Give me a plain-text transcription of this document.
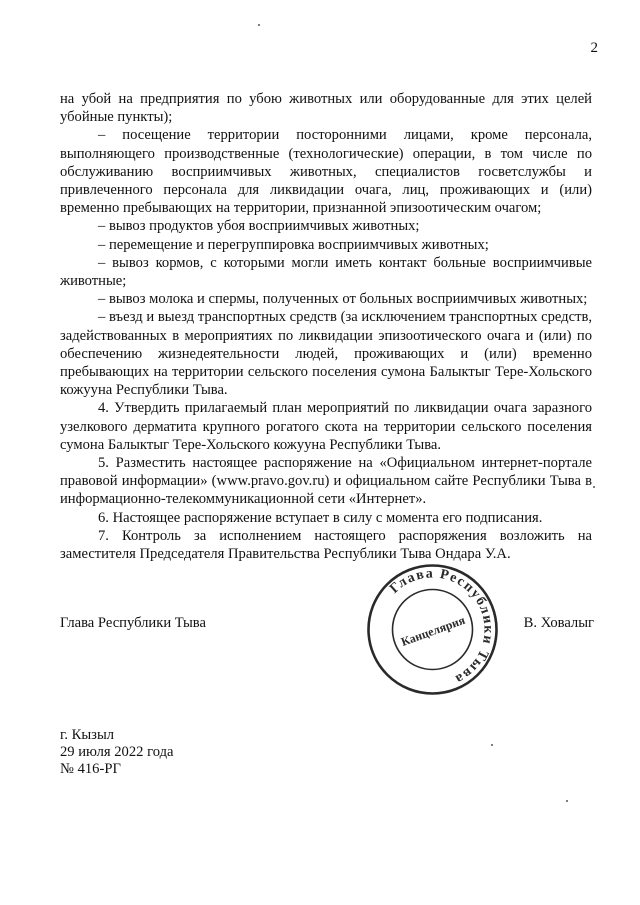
2

на убой на предприятия по убою животных или оборудованные для этих целей убойные пункты);

– посещение территории посторонними лицами, кроме персонала, выполняющего производственные (технологические) операции, в том числе по обслуживанию восприимчивых животных, специалистов госветслужбы и привлеченного персонала для ликвидации очага, лиц, проживающих и (или) временно пребывающих на территории, признанной эпизоотическим очагом;

– вывоз продуктов убоя восприимчивых животных;

– перемещение и перегруппировка восприимчивых животных;

– вывоз кормов, с которыми могли иметь контакт больные восприимчивые животные;

– вывоз молока и спермы, полученных от больных восприимчивых животных;

– въезд и выезд транспортных средств (за исключением транспортных средств, задействованных в мероприятиях по ликвидации эпизоотического очага и (или) по обеспечению жизнедеятельности людей, проживающих и (или) временно пребывающих на территории сельского поселения сумона Балыктыг Тере-Хольского кожууна Республики Тыва.

4. Утвердить прилагаемый план мероприятий по ликвидации очага заразного узелкового дерматита крупного рогатого скота на территории сельского поселения сумона Балыктыг Тере-Хольского кожууна Республики Тыва.

5. Разместить настоящее распоряжение на «Официальном интернет-портале правовой информации» (www.pravo.gov.ru) и официальном сайте Республики Тыва в информационно-телекоммуникационной сети «Интернет».

6. Настоящее распоряжение вступает в силу с момента его подписания.

7. Контроль за исполнением настоящего распоряжения возложить на заместителя Председателя Правительства Республики Тыва Ондара У.А.

Глава Республики Тыва	В. Ховалыг
Глава Республики Тыва
Канцелярия
г. Кызыл
29 июля 2022 года
№ 416-РГ
